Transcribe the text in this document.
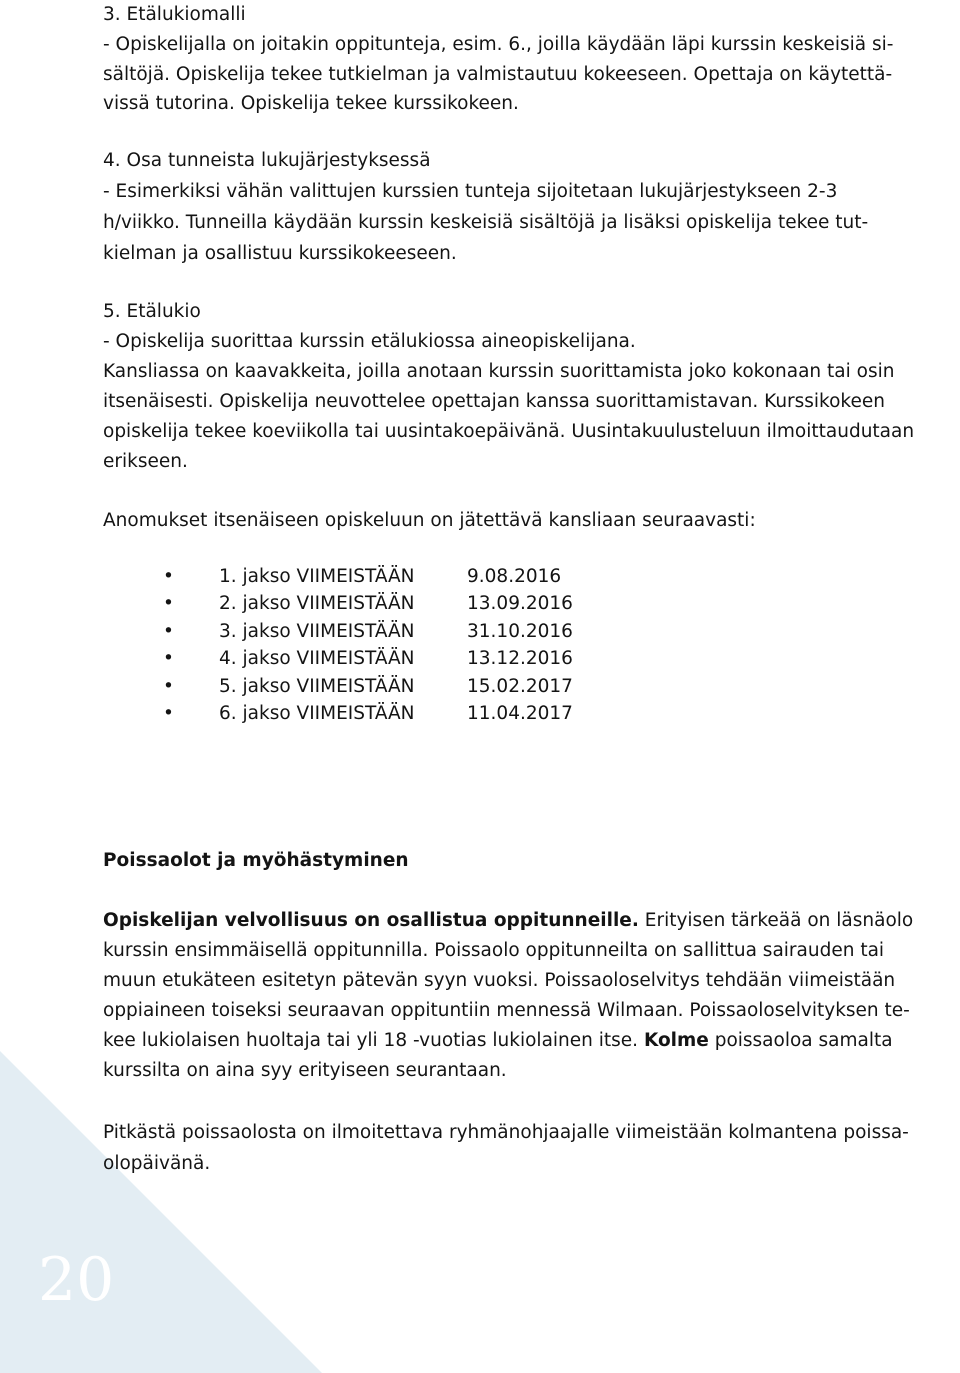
20

3. Etälukiomalli

- Opiskelijalla on joitakin oppitunteja, esim. 6., joilla käydään läpi kurssin keskeisiä si-

sältöjä. Opiskelija tekee tutkielman ja valmistautuu kokeeseen. Opettaja on käytettä-

vissä tutorina. Opiskelija tekee kurssikokeen.

4. Osa tunneista lukujärjestyksessä

- Esimerkiksi vähän valittujen kurssien tunteja sijoitetaan lukujärjestykseen 2-3

h/viikko. Tunneilla käydään kurssin keskeisiä sisältöjä ja lisäksi opiskelija tekee tut-

kielman ja osallistuu kurssikokeeseen.

5. Etälukio

- Opiskelija suorittaa kurssin etälukiossa aineopiskelijana.

Kansliassa on kaavakkeita, joilla anotaan kurssin suorittamista joko kokonaan tai osin

itsenäisesti. Opiskelija neuvottelee opettajan kanssa suorittamistavan. Kurssikokeen

opiskelija tekee koeviikolla tai uusintakoepäivänä. Uusintakuulusteluun ilmoittaudutaan

erikseen.

Anomukset itsenäiseen opiskeluun on jätettävä kansliaan seuraavasti:

• 1. jakso VIIMEISTÄÄN	9.08.2016
• 2. jakso VIIMEISTÄÄN	13.09.2016
• 3. jakso VIIMEISTÄÄN	31.10.2016
• 4. jakso VIIMEISTÄÄN	13.12.2016
• 5. jakso VIIMEISTÄÄN	15.02.2017
• 6. jakso VIIMEISTÄÄN	11.04.2017

Poissaolot ja myöhästyminen

Opiskelijan velvollisuus on osallistua oppitunneille. Erityisen tärkeää on läsnäolo

kurssin ensimmäisellä oppitunnilla. Poissaolo oppitunneilta on sallittua sairauden tai

muun etukäteen esitetyn pätevän syyn vuoksi. Poissaoloselvitys tehdään viimeistään

oppiaineen toiseksi seuraavan oppituntiin mennessä Wilmaan. Poissaoloselvityksen te-

kee lukiolaisen huoltaja tai yli 18 -vuotias lukiolainen itse. Kolme poissaoloa samalta

kurssilta on aina syy erityiseen seurantaan.

Pitkästä poissaolosta on ilmoitettava ryhmänohjaajalle viimeistään kolmantena poissa-

olopäivänä.
